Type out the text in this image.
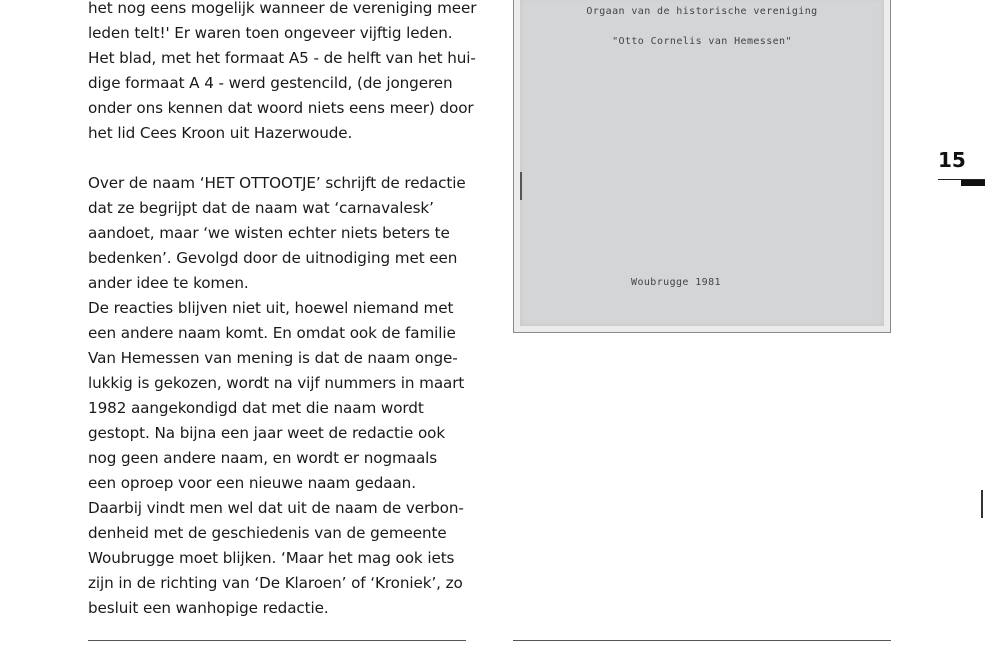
het nog eens mogelijk wanneer de vereniging meer
leden telt!' Er waren toen ongeveer vijftig leden.
Het blad, met het formaat A5 - de helft van het hui-
dige formaat A 4 - werd gestencild, (de jongeren
onder ons kennen dat woord niets eens meer) door
het lid Cees Kroon uit Hazerwoude.
Over de naam ‘HET OTTOOTJE’ schrijft de redactie
dat ze begrijpt dat de naam wat ‘carnavalesk’
aandoet, maar ‘we wisten echter niets beters te
bedenken’. Gevolgd door de uitnodiging met een
ander idee te komen.
De reacties blijven niet uit, hoewel niemand met
een andere naam komt. En omdat ook de familie
Van Hemessen van mening is dat de naam onge-
lukkig is gekozen, wordt na vijf nummers in maart
1982 aangekondigd dat met die naam wordt
gestopt. Na bijna een jaar weet de redactie ook
nog geen andere naam, en wordt er nogmaals
een oproep voor een nieuwe naam gedaan.
Daarbij vindt men wel dat uit de naam de verbon-
denheid met de geschiedenis van de gemeente
Woubrugge moet blijken. ‘Maar het mag ook iets
zijn in de richting van ‘De Klaroen’ of ‘Kroniek’, zo
besluit een wanhopige redactie.
Orgaan van de historische vereniging
"Otto Cornelis van Hemessen"
Woubrugge 1981
15
